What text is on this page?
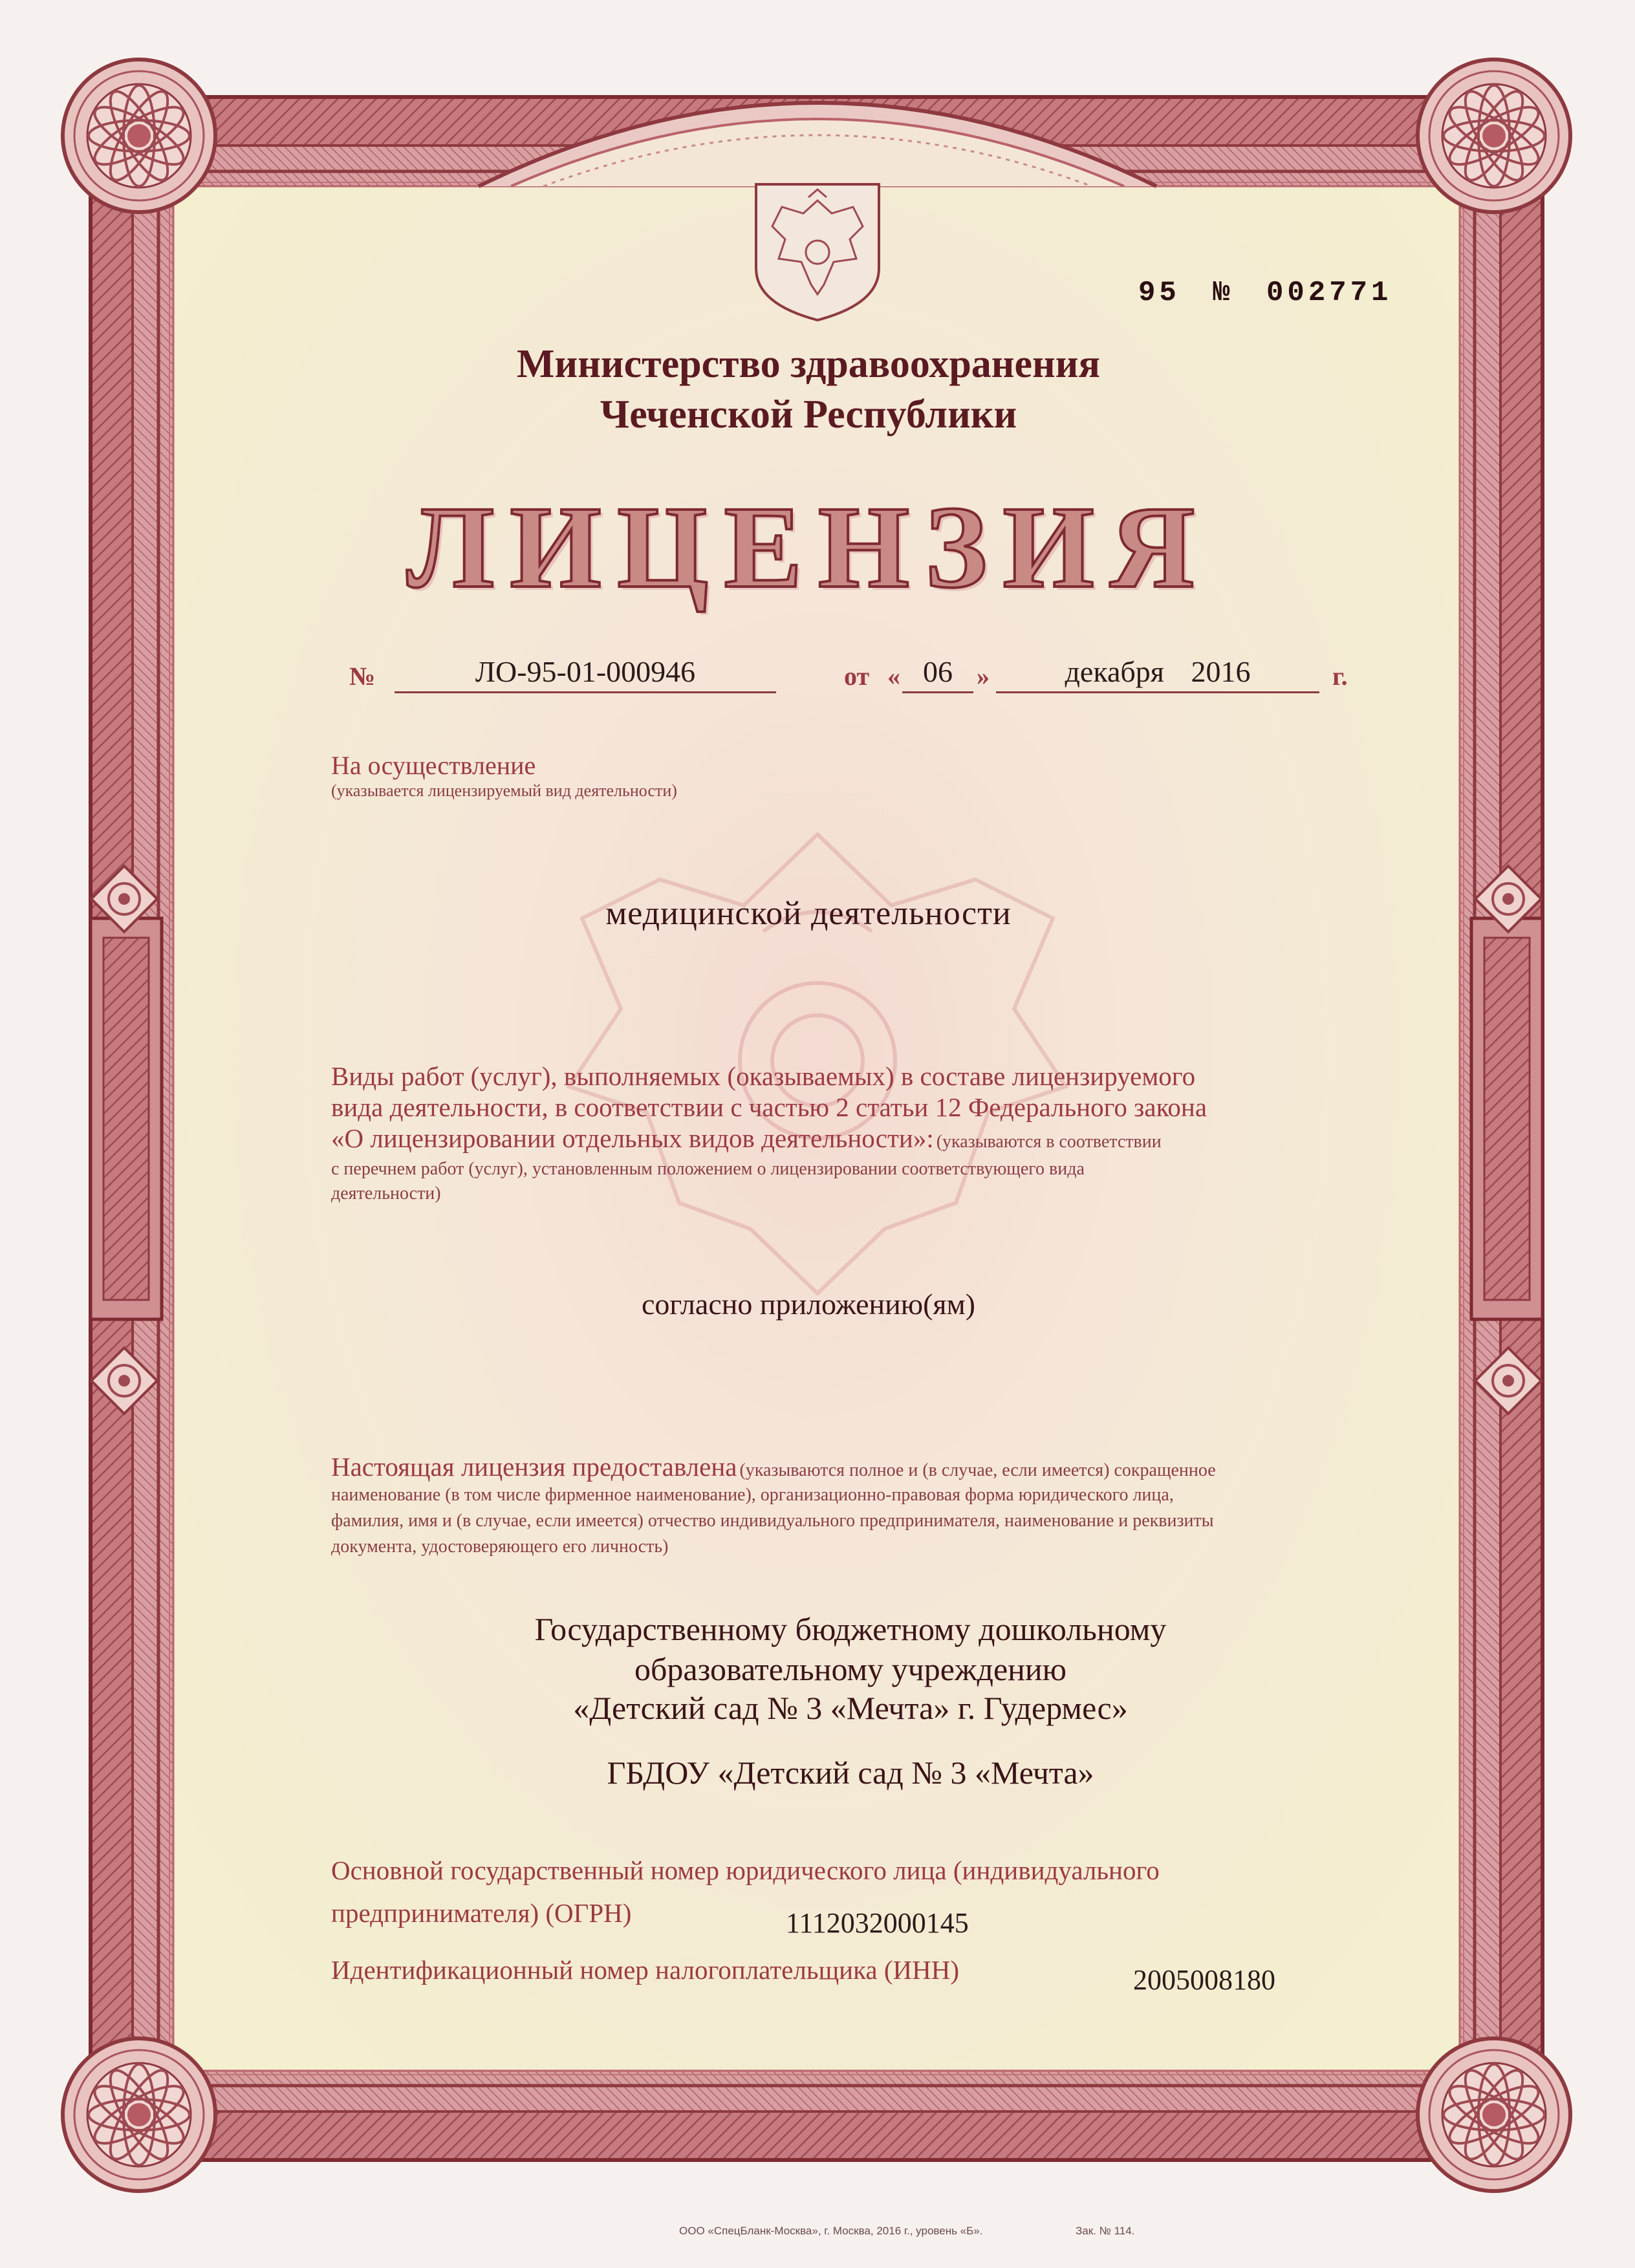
95 № 002771

Министерство здравоохранения

Чеченской Республики

ЛИЦЕНЗИЯ

№	ЛО-95-01-000946	от « 06 »	декабря 2016	г.

На осуществление

(указывается лицензируемый вид деятельности)

медицинской деятельности

Виды работ (услуг), выполняемых (оказываемых) в составе лицензируемого

вида деятельности, в соответствии с частью 2 статьи 12 Федерального закона

«О лицензировании отдельных видов деятельности»: (указываются в соответствии

с перечнем работ (услуг), установленным положением о лицензировании соответствующего вида

деятельности)

согласно приложению(ям)

Настоящая лицензия предоставлена (указываются полное и (в случае, если имеется) сокращенное

наименование (в том числе фирменное наименование), организационно-правовая форма юридического лица,

фамилия, имя и (в случае, если имеется) отчество индивидуального предпринимателя, наименование и реквизиты

документа, удостоверяющего его личность)

Государственному бюджетному дошкольному

образовательному учреждению

«Детский сад № 3 «Мечта» г. Гудермес»

ГБДОУ «Детский сад № 3 «Мечта»

Основной государственный номер юридического лица (индивидуального

предпринимателя) (ОГРН)	1112032000145

Идентификационный номер налогоплательщика (ИНН)	2005008180

ООО «СпецБланк-Москва», г. Москва, 2016 г., уровень «Б».	Зак. № 114.
